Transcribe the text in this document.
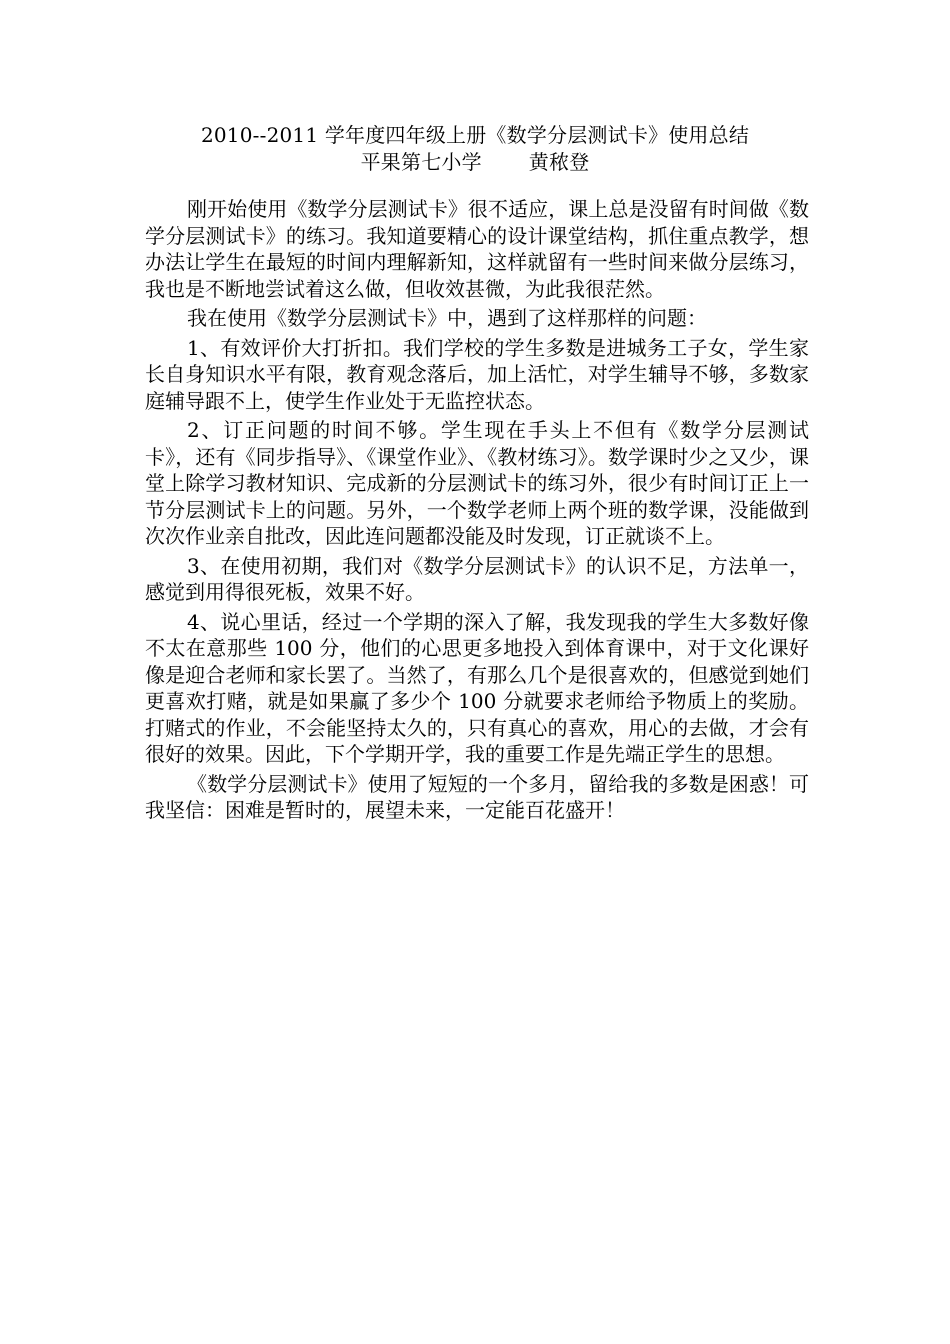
2010--2011 学年度四年级上册《数学分层测试卡》使用总结
平果第七小学　　 黄秾登

刚开始使用《数学分层测试卡》很不适应，课上总是没留有时间做《数学分层测试卡》的练习。我知道要精心的设计课堂结构，抓住重点教学，想办法让学生在最短的时间内理解新知，这样就留有一些时间来做分层练习，我也是不断地尝试着这么做，但收效甚微，为此我很茫然。

我在使用《数学分层测试卡》中，遇到了这样那样的问题：

1、有效评价大打折扣。我们学校的学生多数是进城务工子女，学生家长自身知识水平有限，教育观念落后，加上活忙，对学生辅导不够，多数家庭辅导跟不上，使学生作业处于无监控状态。

2、订正问题的时间不够。学生现在手头上不但有《数学分层测试卡》，还有《同步指导》、《课堂作业》、《教材练习》。数学课时少之又少，课堂上除学习教材知识、完成新的分层测试卡的练习外，很少有时间订正上一节分层测试卡上的问题。另外，一个数学老师上两个班的数学课，没能做到次次作业亲自批改，因此连问题都没能及时发现，订正就谈不上。

3、在使用初期，我们对《数学分层测试卡》的认识不足，方法单一，感觉到用得很死板，效果不好。

4、说心里话，经过一个学期的深入了解，我发现我的学生大多数好像不太在意那些 100 分，他们的心思更多地投入到体育课中，对于文化课好像是迎合老师和家长罢了。当然了，有那么几个是很喜欢的，但感觉到她们更喜欢打赌，就是如果赢了多少个 100 分就要求老师给予物质上的奖励。打赌式的作业，不会能坚持太久的，只有真心的喜欢，用心的去做，才会有很好的效果。因此，下个学期开学，我的重要工作是先端正学生的思想。

《数学分层测试卡》使用了短短的一个多月，留给我的多数是困惑！可我坚信：困难是暂时的，展望未来，一定能百花盛开！
